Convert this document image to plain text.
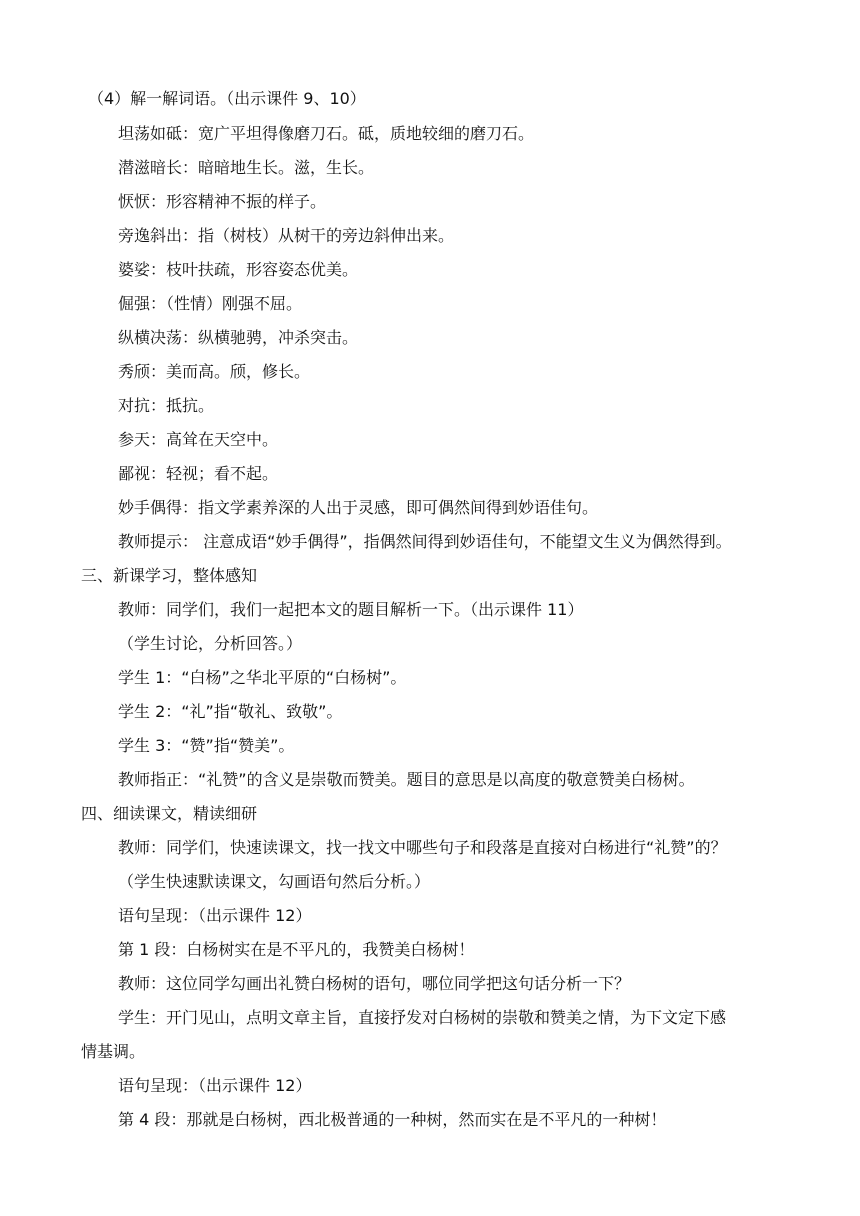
（4）解一解词语。（出示课件 9、10）
坦荡如砥：宽广平坦得像磨刀石。砥，质地较细的磨刀石。
潜滋暗长：暗暗地生长。滋，生长。
恹恹：形容精神不振的样子。
旁逸斜出：指（树枝）从树干的旁边斜伸出来。
婆娑：枝叶扶疏，形容姿态优美。
倔强：（性情）刚强不屈。
纵横决荡：纵横驰骋，冲杀突击。
秀颀：美而高。颀，修长。
对抗：抵抗。
参天：高耸在天空中。
鄙视：轻视；看不起。
妙手偶得：指文学素养深的人出于灵感，即可偶然间得到妙语佳句。
教师提示： 注意成语“妙手偶得”，指偶然间得到妙语佳句，不能望文生义为偶然得到。
三、新课学习，整体感知
教师：同学们，我们一起把本文的题目解析一下。（出示课件 11）
（学生讨论，分析回答。）
学生 1：“白杨”之华北平原的“白杨树”。
学生 2：“礼”指“敬礼、致敬”。
学生 3：“赞”指“赞美”。
教师指正：“礼赞”的含义是崇敬而赞美。题目的意思是以高度的敬意赞美白杨树。
四、细读课文，精读细研
教师：同学们，快速读课文，找一找文中哪些句子和段落是直接对白杨进行“礼赞”的？
（学生快速默读课文，勾画语句然后分析。）
语句呈现：（出示课件 12）
第 1 段：白杨树实在是不平凡的，我赞美白杨树！
教师：这位同学勾画出礼赞白杨树的语句，哪位同学把这句话分析一下？
学生：开门见山，点明文章主旨，直接抒发对白杨树的崇敬和赞美之情，为下文定下感
情基调。
语句呈现：（出示课件 12）
第 4 段：那就是白杨树，西北极普通的一种树，然而实在是不平凡的一种树！
